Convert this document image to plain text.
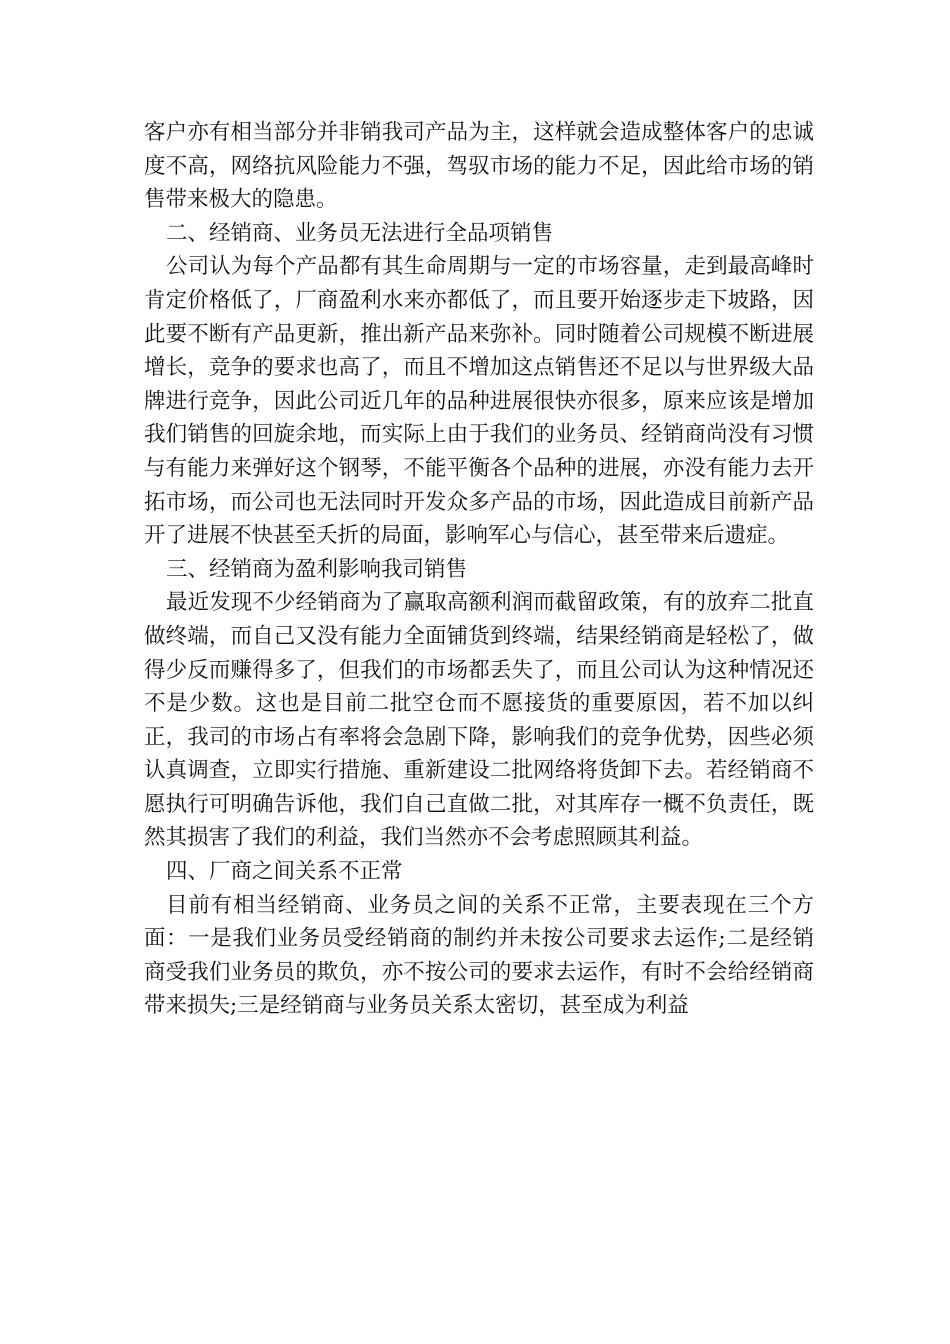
客户亦有相当部分并非销我司产品为主，这样就会造成整体客户的忠诚度不高，网络抗风险能力不强，驾驭市场的能力不足，因此给市场的销售带来极大的隐患。

二、经销商、业务员无法进行全品项销售

公司认为每个产品都有其生命周期与一定的市场容量，走到最高峰时肯定价格低了，厂商盈利水来亦都低了，而且要开始逐步走下坡路，因此要不断有产品更新，推出新产品来弥补。同时随着公司规模不断进展增长，竞争的要求也高了，而且不增加这点销售还不足以与世界级大品牌进行竞争，因此公司近几年的品种进展很快亦很多，原来应该是增加我们销售的回旋余地，而实际上由于我们的业务员、经销商尚没有习惯与有能力来弹好这个钢琴，不能平衡各个品种的进展，亦没有能力去开拓市场，而公司也无法同时开发众多产品的市场，因此造成目前新产品开了进展不快甚至夭折的局面，影响军心与信心，甚至带来后遗症。

三、经销商为盈利影响我司销售

最近发现不少经销商为了赢取高额利润而截留政策，有的放弃二批直做终端，而自己又没有能力全面铺货到终端，结果经销商是轻松了，做得少反而赚得多了，但我们的市场都丢失了，而且公司认为这种情况还不是少数。这也是目前二批空仓而不愿接货的重要原因，若不加以纠正，我司的市场占有率将会急剧下降，影响我们的竞争优势，因些必须认真调查，立即实行措施、重新建设二批网络将货卸下去。若经销商不愿执行可明确告诉他，我们自己直做二批，对其库存一概不负责任，既然其损害了我们的利益，我们当然亦不会考虑照顾其利益。

四、厂商之间关系不正常

目前有相当经销商、业务员之间的关系不正常，主要表现在三个方面：一是我们业务员受经销商的制约并未按公司要求去运作;二是经销商受我们业务员的欺负，亦不按公司的要求去运作，有时不会给经销商带来损失;三是经销商与业务员关系太密切，甚至成为利益
